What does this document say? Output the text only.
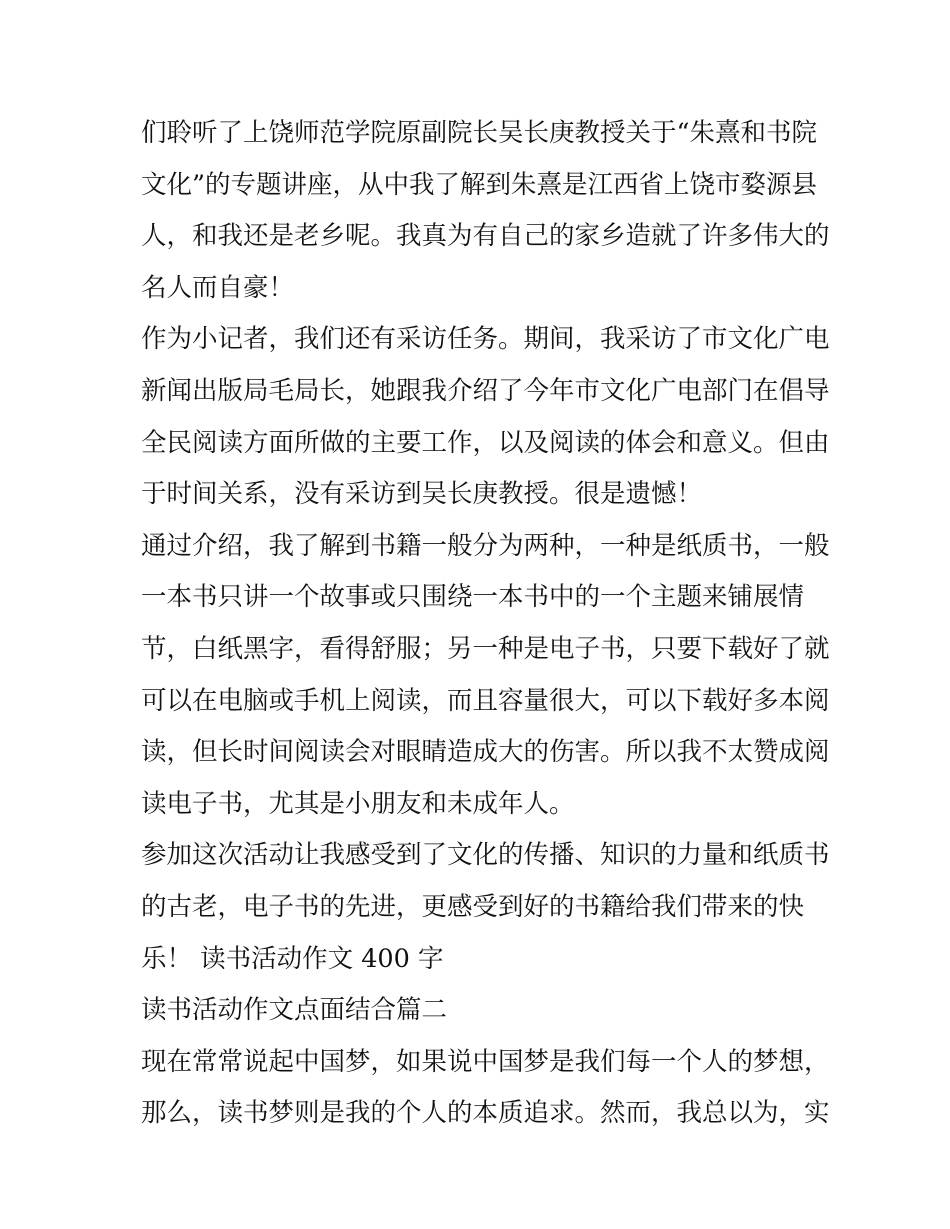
们聆听了上饶师范学院原副院长吴长庚教授关于“朱熹和书院
文化”的专题讲座，从中我了解到朱熹是江西省上饶市婺源县
人，和我还是老乡呢。我真为有自己的家乡造就了许多伟大的
名人而自豪！
作为小记者，我们还有采访任务。期间，我采访了市文化广电
新闻出版局毛局长，她跟我介绍了今年市文化广电部门在倡导
全民阅读方面所做的主要工作，以及阅读的体会和意义。但由
于时间关系，没有采访到吴长庚教授。很是遗憾！
通过介绍，我了解到书籍一般分为两种，一种是纸质书，一般
一本书只讲一个故事或只围绕一本书中的一个主题来铺展情
节，白纸黑字，看得舒服；另一种是电子书，只要下载好了就
可以在电脑或手机上阅读，而且容量很大，可以下载好多本阅
读，但长时间阅读会对眼睛造成大的伤害。所以我不太赞成阅
读电子书，尤其是小朋友和未成年人。
参加这次活动让我感受到了文化的传播、知识的力量和纸质书
的古老，电子书的先进，更感受到好的书籍给我们带来的快
乐！ 读书活动作文 400 字
读书活动作文点面结合篇二
现在常常说起中国梦，如果说中国梦是我们每一个人的梦想，
那么，读书梦则是我的个人的本质追求。然而，我总以为，实
